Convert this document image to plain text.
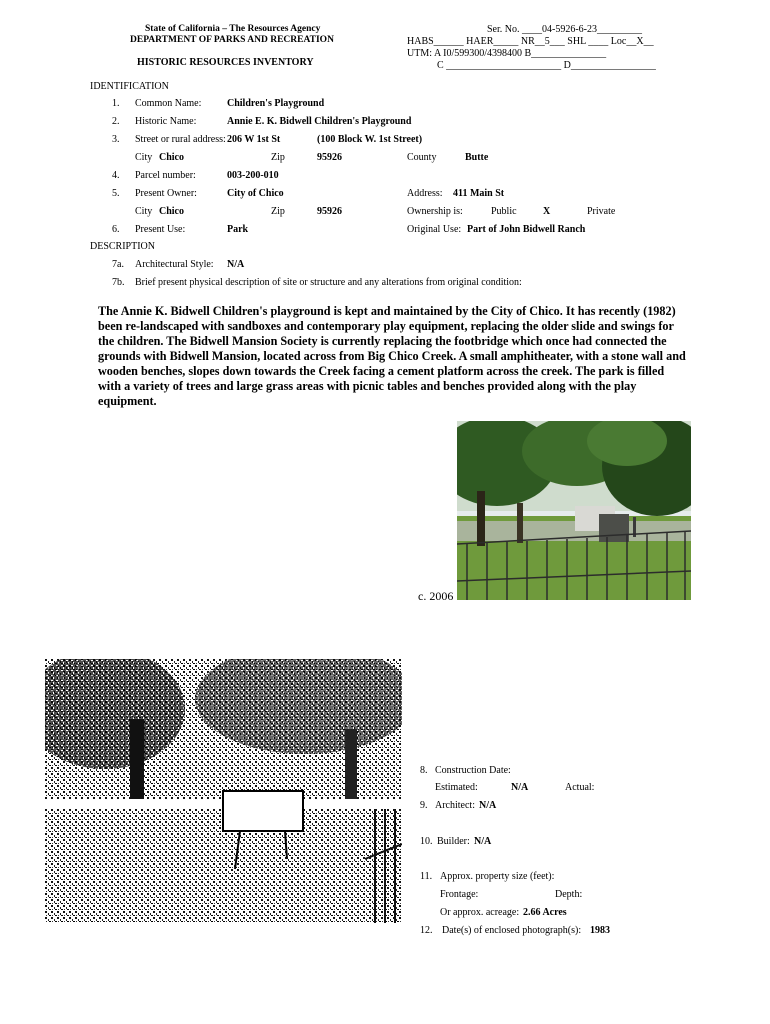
State of California – The Resources Agency
DEPARTMENT OF PARKS AND RECREATION
HISTORIC RESOURCES INVENTORY
Ser. No. ____04-5926-6-23_________
HABS______ HAER_____ NR__5___ SHL ____ Loc__X__
UTM: A I0/599300/4398400 B_______________
C _______________________ D_________________
IDENTIFICATION
1. Common Name:	Children's Playground
2. Historic Name:	Annie E. K. Bidwell Children's Playground
3. Street or rural address: 206 W 1st St	(100 Block W. 1st Street)
City Chico	Zip	95926	County	Butte
4. Parcel number:	003-200-010
5. Present Owner:	City of Chico	Address: 411 Main St
City Chico	Zip	95926	Ownership is:	Public	X	Private
6. Present Use:	Park	Original Use: Part of John Bidwell Ranch
DESCRIPTION
7a. Architectural Style: N/A
7b. Brief present physical description of site or structure and any alterations from original condition:
The Annie K. Bidwell Children's playground is kept and maintained by the City of Chico. It has recently (1982) been re-landscaped with sandboxes and contemporary play equipment, replacing the older slide and swings for the children. The Bidwell Mansion Society is currently replacing the footbridge which once had connected the grounds with Bidwell Mansion, located across from Big Chico Creek. A small amphitheater, with a stone wall and wooden benches, slopes down towards the Creek facing a cement platform across the creek. The park is filled with a variety of trees and large grass areas with picnic tables and benches provided along with the play equipment.
c. 2006
8. Construction Date:
Estimated:	N/A	Actual:
9. Architect: N/A
10. Builder: N/A
11. Approx. property size (feet):
Frontage:	Depth:
Or approx. acreage: 2.66 Acres
12. Date(s) of enclosed photograph(s): 1983
